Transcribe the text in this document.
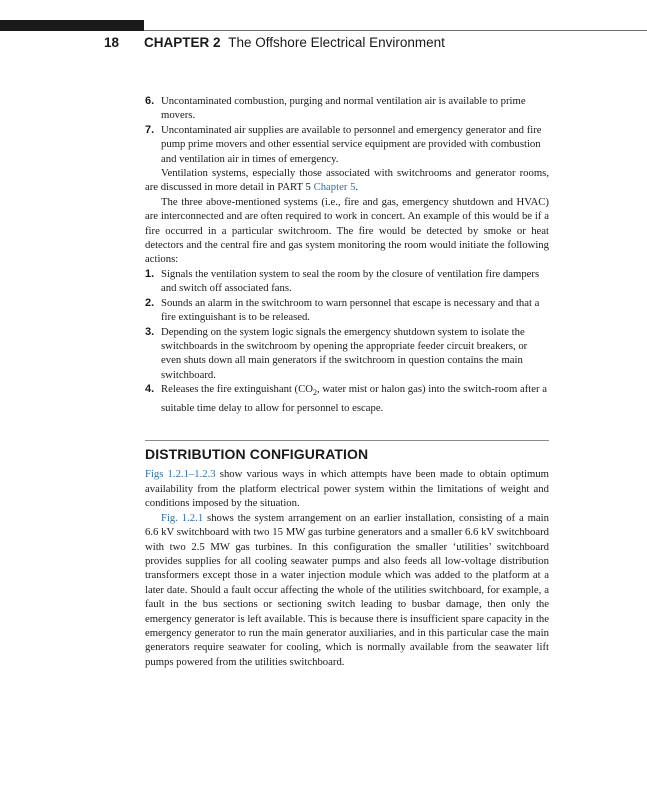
18 CHAPTER 2 The Offshore Electrical Environment
6. Uncontaminated combustion, purging and normal ventilation air is available to prime movers.
7. Uncontaminated air supplies are available to personnel and emergency generator and fire pump prime movers and other essential service equipment are provided with combustion and ventilation air in times of emergency.

Ventilation systems, especially those associated with switchrooms and generator rooms, are discussed in more detail in PART 5 Chapter 5.

The three above-mentioned systems (i.e., fire and gas, emergency shutdown and HVAC) are interconnected and are often required to work in concert. An example of this would be if a fire occurred in a particular switchroom. The fire would be detected by smoke or heat detectors and the central fire and gas system monitoring the room would initiate the following actions:

1. Signals the ventilation system to seal the room by the closure of ventilation fire dampers and switch off associated fans.
2. Sounds an alarm in the switchroom to warn personnel that escape is necessary and that a fire extinguishant is to be released.
3. Depending on the system logic signals the emergency shutdown system to isolate the switchboards in the switchroom by opening the appropriate feeder circuit breakers, or even shuts down all main generators if the switchroom in question contains the main switchboard.
4. Releases the fire extinguishant ($CO_2$, water mist or halon gas) into the switch-room after a suitable time delay to allow for personnel to escape.
DISTRIBUTION CONFIGURATION

Figs 1.2.1–1.2.3 show various ways in which attempts have been made to obtain optimum availability from the platform electrical power system within the limitations of weight and conditions imposed by the situation.

Fig. 1.2.1 shows the system arrangement on an earlier installation, consisting of a main 6.6 kV switchboard with two 15 MW gas turbine generators and a smaller 6.6 kV switchboard with two 2.5 MW gas turbines. In this configuration the smaller ‘utilities’ switchboard provides supplies for all cooling seawater pumps and also feeds all low-voltage distribution transformers except those in a water injection module which was added to the platform at a later date. Should a fault occur affecting the whole of the utilities switchboard, for example, a fault in the bus sections or sectioning switch leading to busbar damage, then only the emergency generator is left available. This is because there is insufficient spare capacity in the emergency generator to run the main generator auxiliaries, and in this particular case the main generators require seawater for cooling, which is normally available from the seawater lift pumps powered from the utilities switchboard.
